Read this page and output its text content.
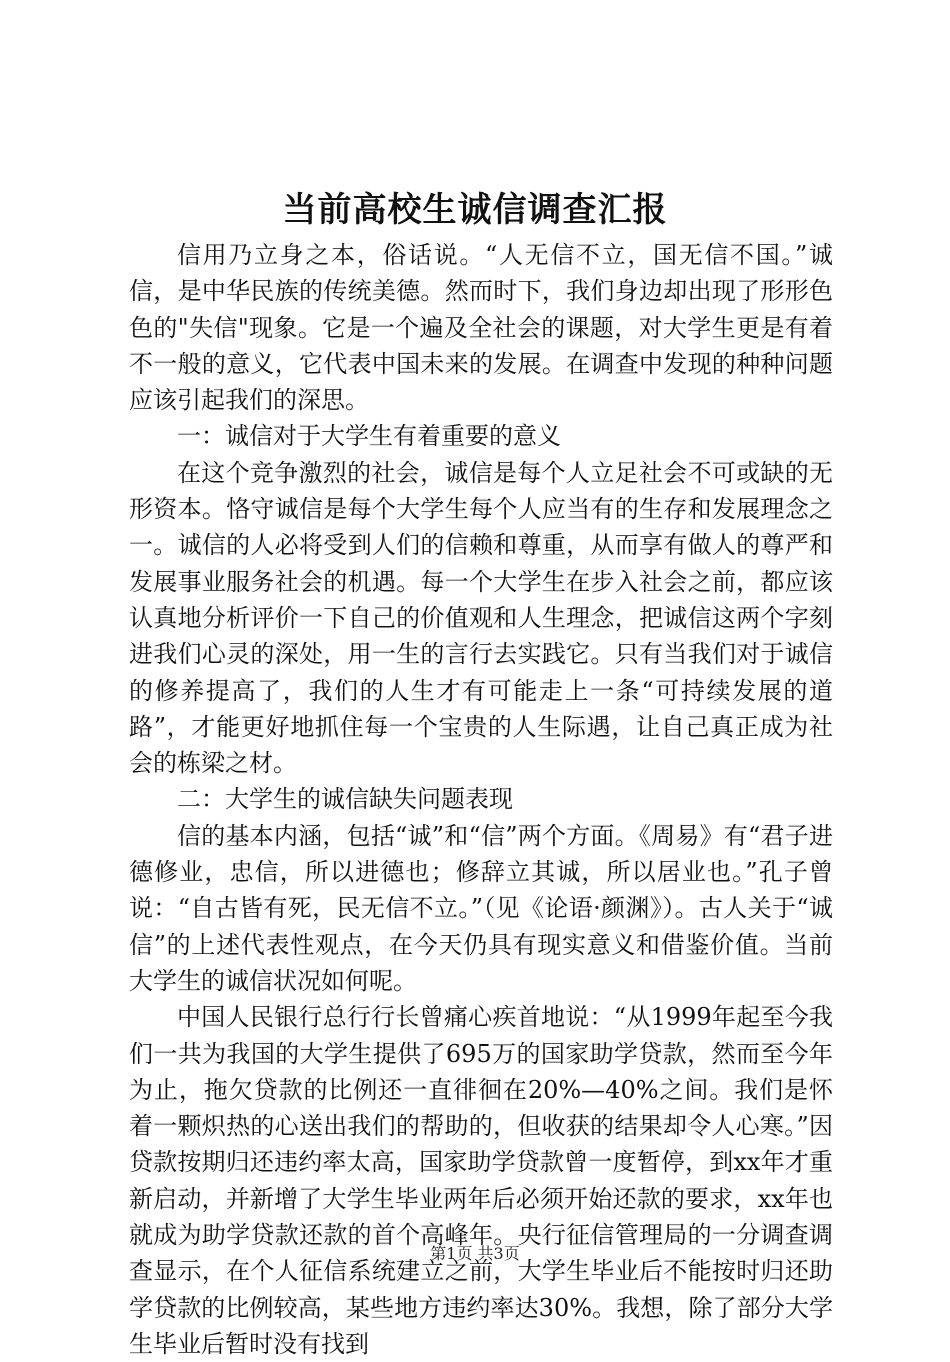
当前高校生诚信调查汇报

信用乃立身之本，俗话说。“人无信不立，国无信不国。”诚信，是中华民族的传统美德。然而时下，我们身边却出现了形形色色的"失信"现象。它是一个遍及全社会的课题，对大学生更是有着不一般的意义，它代表中国未来的发展。在调查中发现的种种问题应该引起我们的深思。

一：诚信对于大学生有着重要的意义

在这个竞争激烈的社会，诚信是每个人立足社会不可或缺的无形资本。恪守诚信是每个大学生每个人应当有的生存和发展理念之一。诚信的人必将受到人们的信赖和尊重，从而享有做人的尊严和发展事业服务社会的机遇。每一个大学生在步入社会之前，都应该认真地分析评价一下自己的价值观和人生理念，把诚信这两个字刻进我们心灵的深处，用一生的言行去实践它。只有当我们对于诚信的修养提高了，我们的人生才有可能走上一条“可持续发展的道路”，才能更好地抓住每一个宝贵的人生际遇，让自己真正成为社会的栋梁之材。

二：大学生的诚信缺失问题表现

信的基本内涵，包括“诚”和“信”两个方面。《周易》有“君子进德修业，忠信，所以进德也；修辞立其诚，所以居业也。”孔子曾说：“自古皆有死，民无信不立。”（见《论语·颜渊》）。古人关于“诚信”的上述代表性观点，在今天仍具有现实意义和借鉴价值。当前大学生的诚信状况如何呢。

中国人民银行总行行长曾痛心疾首地说：“从1999年起至今我们一共为我国的大学生提供了695万的国家助学贷款，然而至今年为止，拖欠贷款的比例还一直徘徊在20%—40%之间。我们是怀着一颗炽热的心送出我们的帮助的，但收获的结果却令人心寒。”因贷款按期归还违约率太高，国家助学贷款曾一度暂停，到xx年才重新启动，并新增了大学生毕业两年后必须开始还款的要求，xx年也就成为助学贷款还款的首个高峰年。央行征信管理局的一分调查调查显示，在个人征信系统建立之前，大学生毕业后不能按时归还助学贷款的比例较高，某些地方违约率达30%。我想，除了部分大学生毕业后暂时没有找到

第1页 共3页
